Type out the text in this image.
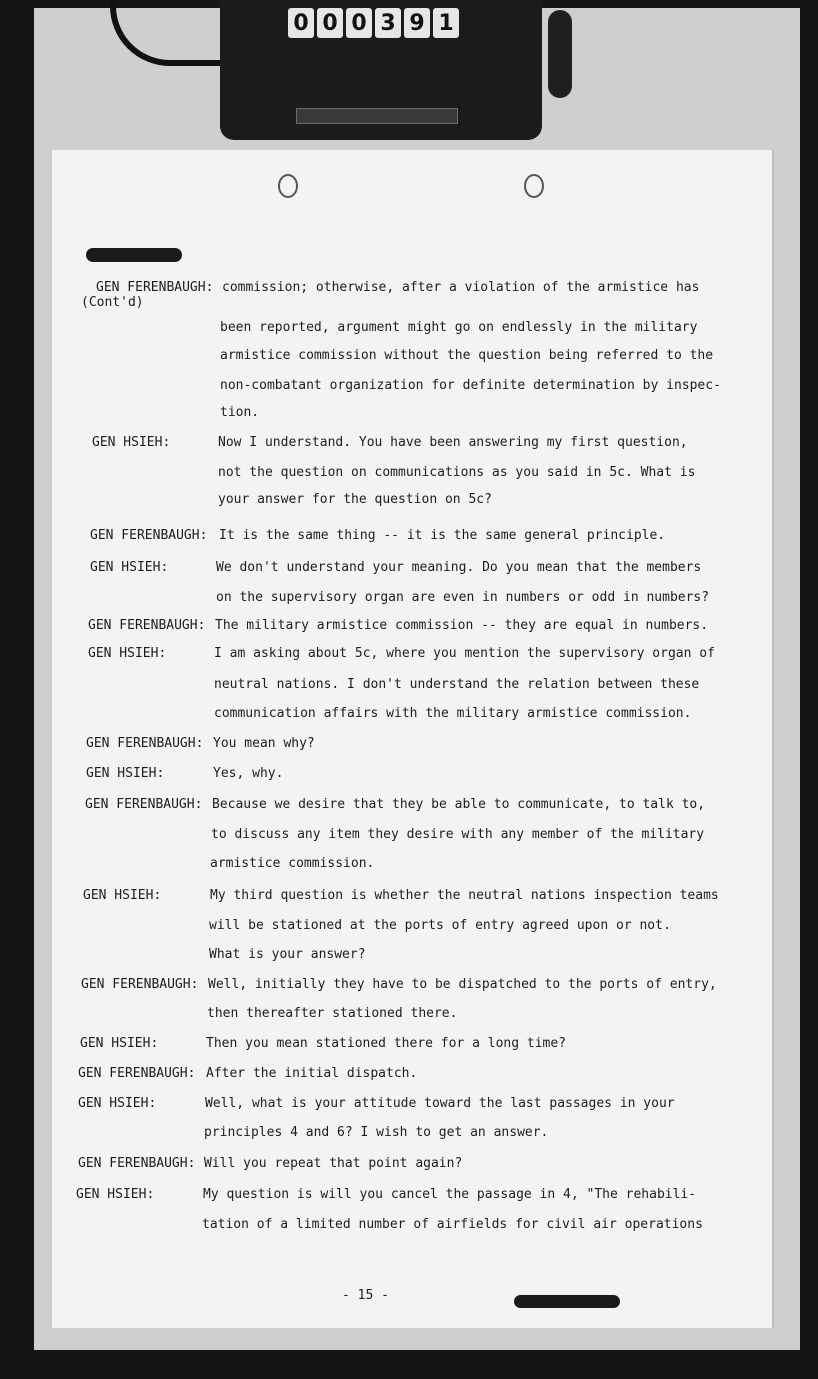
0 0 0 3 9 1
GEN FERENBAUGH: commission; otherwise, after a violation of the armistice has
(Cont'd)
been reported, argument might go on endlessly in the military
armistice commission without the question being referred to the
non-combatant organization for definite determination by inspec-
tion.
GEN HSIEH:	Now I understand. You have been answering my first question,
not the question on communications as you said in 5c. What is
your answer for the question on 5c?
GEN FERENBAUGH: It is the same thing -- it is the same general principle.
GEN HSIEH:	We don't understand your meaning. Do you mean that the members
on the supervisory organ are even in numbers or odd in numbers?
GEN FERENBAUGH: The military armistice commission -- they are equal in numbers.
GEN HSIEH:	I am asking about 5c, where you mention the supervisory organ of
neutral nations. I don't understand the relation between these
communication affairs with the military armistice commission.
GEN FERENBAUGH: You mean why?
GEN HSIEH:	Yes, why.
GEN FERENBAUGH: Because we desire that they be able to communicate, to talk to,
to discuss any item they desire with any member of the military
armistice commission.
GEN HSIEH:	My third question is whether the neutral nations inspection teams
will be stationed at the ports of entry agreed upon or not.
What is your answer?
GEN FERENBAUGH: Well, initially they have to be dispatched to the ports of entry,
then thereafter stationed there.
GEN HSIEH:	Then you mean stationed there for a long time?
GEN FERENBAUGH: After the initial dispatch.
GEN HSIEH:	Well, what is your attitude toward the last passages in your
principles 4 and 6? I wish to get an answer.
GEN FERENBAUGH: Will you repeat that point again?
GEN HSIEH:	My question is will you cancel the passage in 4, "The rehabili-
tation of a limited number of airfields for civil air operations
- 15 -
